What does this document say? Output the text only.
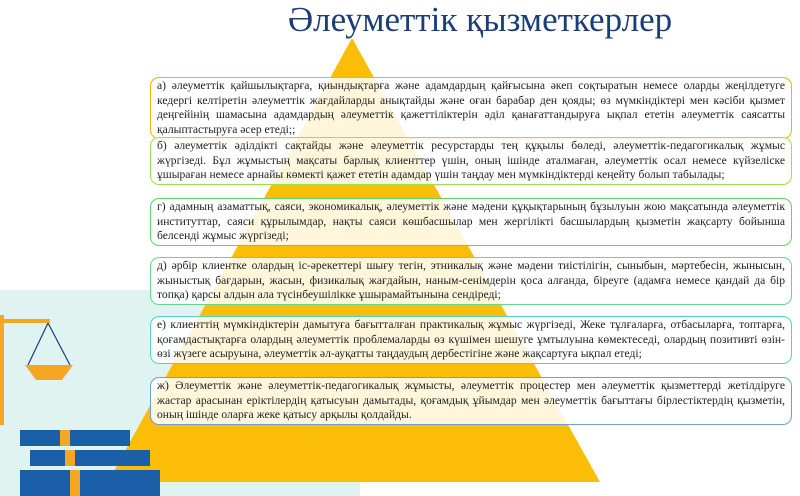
Әлеуметтік қызметкерлер
а) әлеуметтік қайшылықтарға, қиындықтарға және адамдардың қайғысына әкеп соқтыратын немесе оларды жеңілдетуге кедергі келтіретін әлеуметтік жағдайларды анықтайды және оған барабар ден қояды; өз мүмкіндіктері мен кәсіби қызмет деңгейінің шамасына адамдардың әлеуметтік қажеттіліктерін әділ қанағаттандыруға ықпал ететін әлеуметтік саясатты қалыптастыруға әсер етеді;;
б) әлеуметтік әділдікті сақтайды және әлеуметтік ресурстарды тең құқылы бөледі, әлеуметтік-педагогикалық жұмыс жүргізеді. Бұл жұмыстың мақсаты барлық клиенттер үшін, оның ішінде аталмаған, әлеуметтік осал немесе күйзеліске ұшыраған немесе арнайы көмекті қажет ететін адамдар үшін таңдау мен мүмкіндіктерді кеңейту болып табылады;
г) адамның азаматтық, саяси, экономикалық, әлеуметтік және мәдени құқықтарының бұзылуын жою мақсатында әлеуметтік институттар, саяси құрылымдар, нақты саяси көшбасшылар мен жергілікті басшылардың қызметін жақсарту бойынша белсенді жұмыс жүргізеді;
д) әрбір клиентке олардың іс-әрекеттері шығу тегін, этникалық және мәдени тиістілігін, сыныбын, мәртебесін, жынысын, жыныстық бағдарын, жасын, физикалық жағдайын, наным-сенімдерін қоса алғанда, біреуге (адамға немесе қандай да бір топқа) қарсы алдын ала түсінбеушілікке ұшырамайтынына сендіреді;
е) клиенттің мүмкіндіктерін дамытуға бағытталған практикалық жұмыс жүргізеді, Жеке тұлғаларға, отбасыларға, топтарға, қоғамдастықтарға олардың әлеуметтік проблемаларды өз күшімен шешуге ұмтылуына көмектеседі, олардың позитивті өзін-өзі жүзеге асыруына, әлеуметтік әл-ауқатты таңдаудың дербестігіне және жақсартуға ықпал етеді;
ж) Әлеуметтік және әлеуметтік-педагогикалық жұмысты, әлеуметтік процестер мен әлеуметтік қызметтерді жетілдіруге жастар арасынан еріктілердің қатысуын дамытады, қоғамдық ұйымдар мен әлеуметтік бағыттағы бірлестіктердің қызметін, оның ішінде оларға жеке қатысу арқылы қолдайды.
